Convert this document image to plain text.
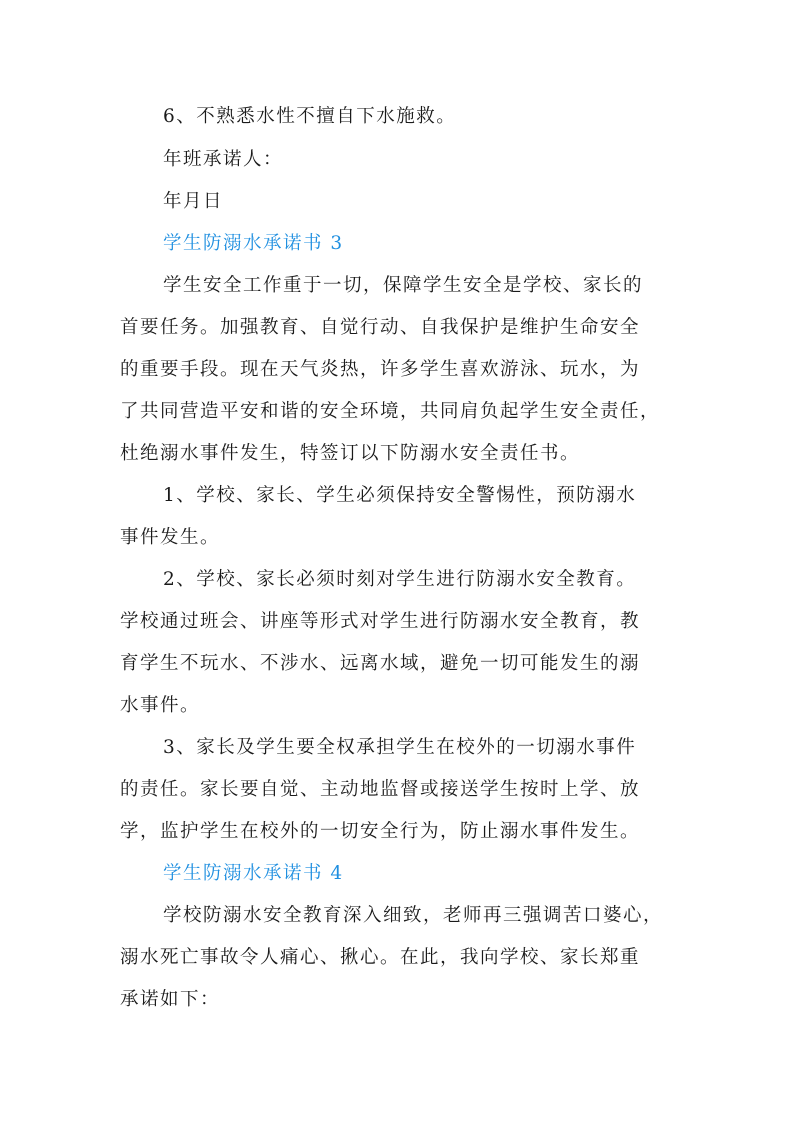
6、不熟悉水性不擅自下水施救。
年班承诺人：
年月日
学生防溺水承诺书 3
学生安全工作重于一切，保障学生安全是学校、家长的
首要任务。加强教育、自觉行动、自我保护是维护生命安全
的重要手段。现在天气炎热，许多学生喜欢游泳、玩水，为
了共同营造平安和谐的安全环境，共同肩负起学生安全责任，
杜绝溺水事件发生，特签订以下防溺水安全责任书。
1、学校、家长、学生必须保持安全警惕性，预防溺水
事件发生。
2、学校、家长必须时刻对学生进行防溺水安全教育。
学校通过班会、讲座等形式对学生进行防溺水安全教育，教
育学生不玩水、不涉水、远离水域，避免一切可能发生的溺
水事件。
3、家长及学生要全权承担学生在校外的一切溺水事件
的责任。家长要自觉、主动地监督或接送学生按时上学、放
学，监护学生在校外的一切安全行为，防止溺水事件发生。
学生防溺水承诺书 4
学校防溺水安全教育深入细致，老师再三强调苦口婆心，
溺水死亡事故令人痛心、揪心。在此，我向学校、家长郑重
承诺如下：
